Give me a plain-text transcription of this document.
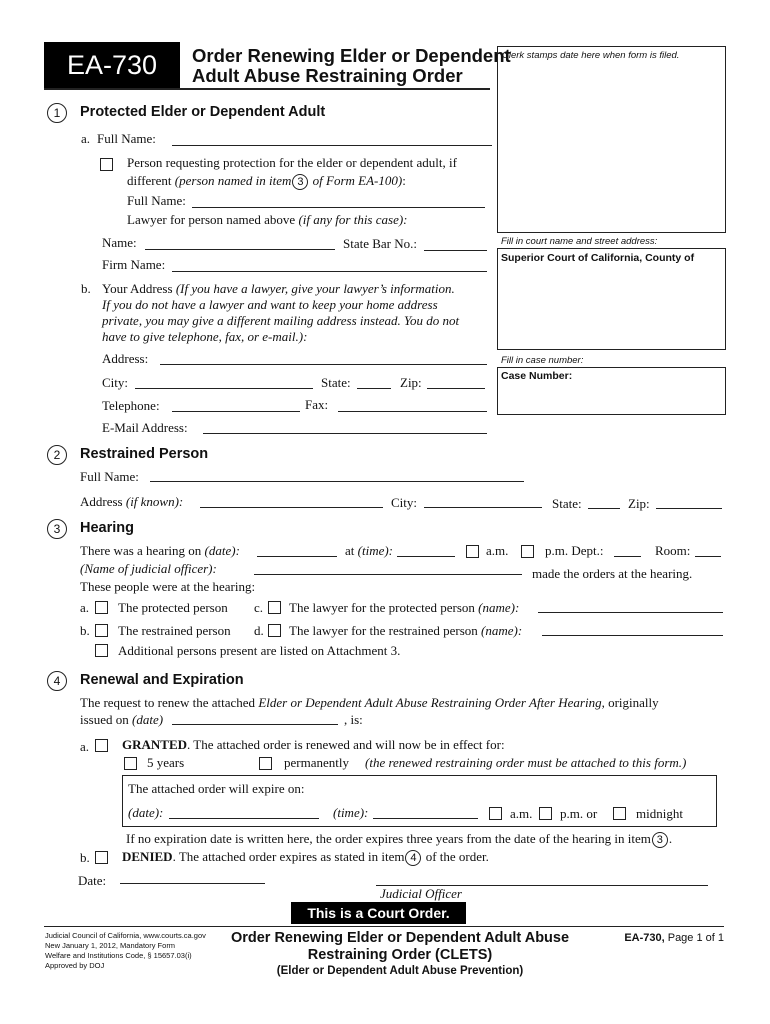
EA-730	Order Renewing Elder or Dependent
Adult Abuse Restraining Order
Clerk stamps date here when form is filed.
Fill in court name and street address:
Superior Court of California, County of
Fill in case number:
Case Number:
1	Protected Elder or Dependent Adult
a. Full Name:
Person requesting protection for the elder or dependent adult, if
different (person named in item 3 of Form EA-100):
Full Name:
Lawyer for person named above (if any for this case):
Name:	State Bar No.:
Firm Name:
b. Your Address (If you have a lawyer, give your lawyer’s information.
If you do not have a lawyer and want to keep your home address
private, you may give a different mailing address instead. You do not
have to give telephone, fax, or e-mail.):
Address:
City:	State:	Zip:
Telephone:	Fax:
E-Mail Address:
2	Restrained Person
Full Name:
Address (if known):	City:	State:	Zip:
3	Hearing
There was a hearing on (date):	at (time):	a.m.	p.m. Dept.:	Room:
(Name of judicial officer):	made the orders at the hearing.
These people were at the hearing:
a. The protected person c. The lawyer for the protected person (name):
b. The restrained person d. The lawyer for the restrained person (name):
Additional persons present are listed on Attachment 3.
4	Renewal and Expiration
The request to renew the attached Elder or Dependent Adult Abuse Restraining Order After Hearing, originally
issued on (date)	, is:
a.	GRANTED. The attached order is renewed and will now be in effect for:
5 years	permanently (the renewed restraining order must be attached to this form.)
The attached order will expire on:
(date):	(time):	a.m. p.m. or	midnight
If no expiration date is written here, the order expires three years from the date of the hearing in item 3 .
b. DENIED. The attached order expires as stated in item 4 of the order.
Date:
Judicial Officer
This is a Court Order.
Judicial Council of California, www.courts.ca.gov
New January 1, 2012, Mandatory Form
Welfare and Institutions Code, § 15657.03(i)
Approved by DOJ
Order Renewing Elder or Dependent Adult Abuse
Restraining Order (CLETS)
(Elder or Dependent Adult Abuse Prevention)
EA-730, Page 1 of 1
